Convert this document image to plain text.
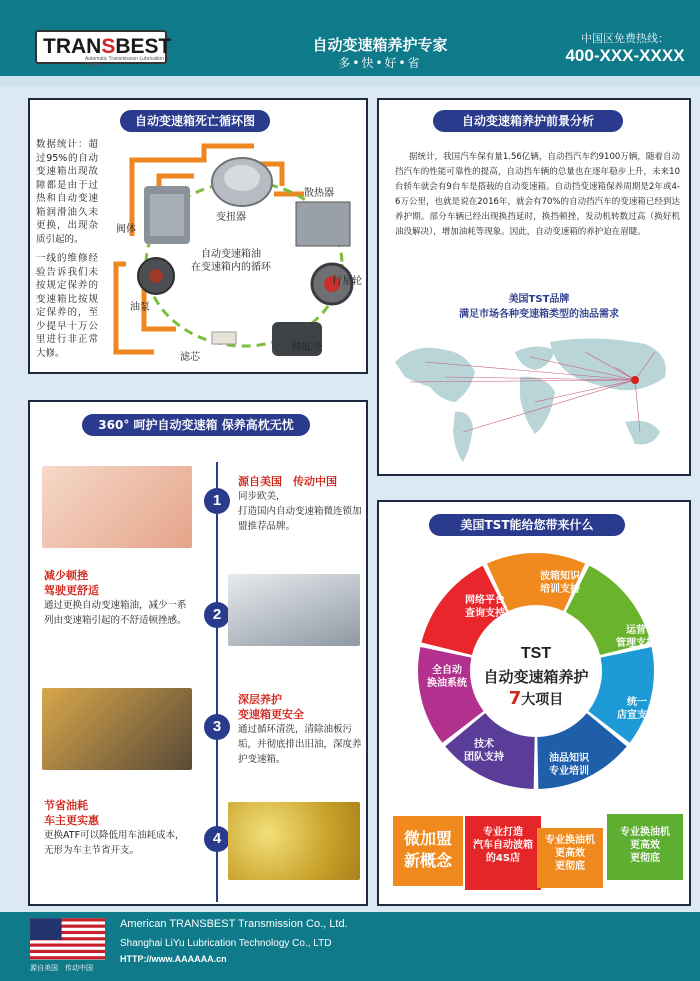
TRANSBEST
Automatic Transmission Lubrication Experts
自动变速箱养护专家
多•快•好•省
中国区免费热线：
400-XXX-XXXX
自动变速箱死亡循环图
数据统计：超过95%的自动变速箱出现故障都是由于过热和自动变速箱润滑油久未更换，出现杂质引起的。
一线的维修经验告诉我们未按规定保养的变速箱比按规定保养的，至少提早十万公里进行非正常大修。
阀体
变扭器
散热器
自动变速箱油
在变速箱内的循环
行星轮
油底壳
滤芯
油泵
自动变速箱养护前景分析
据统计，我国汽车保有量1.56亿辆，自动挡汽车约9100万辆，随着自动挡汽车的性能可靠性的提高，自动挡车辆的总量也在逐年稳步上升，未来10台轿车就会有9台车是搭载的自动变速箱。自动挡变速箱保养周期是2年或4-6万公里，也就是说在2016年，就会有70%的自动挡汽车的变速箱已经到达养护期。部分车辆已经出现换挡延时，换挡顿挫，发动机转数过高（换好机油没解决），增加油耗等现象。因此，自动变速箱的养护迫在眉睫。
美国TST品牌
满足市场各种变速箱类型的油品需求
360° 呵护自动变速箱 保养高枕无忧
1
源自美国　传动中国
同步欧美，
打造国内自动变速箱微连锁加盟推荐品牌。
减少顿挫
驾驶更舒适
通过更换自动变速箱油，减少一系列由变速箱引起的不舒适顿挫感。	2
3
深层养护
变速箱更安全
通过循环清洗，清除油板污垢，并彻底排出旧油，深度养护变速箱。
节省油耗
车主更实惠
更换ATF可以降低用车油耗成本，无形为车主节省开支。
4
美国TST能给您带来什么
TST
自动变速箱养护
7大项目
波箱知识
培训支持
运营
管理支持
统一
店宣支持
油品知识
专业培训
技术
团队支持
全自动
换油系统
网络平台
查询支持
微加盟
新概念
专业打造
汽车自动波箱
的4S店
专业换油机
更高效
更彻底
专业换油机
更高效
更彻底
源自美国　传动中国
American TRANSBEST Transmission Co., Ltd.
Shanghai LiYu Lubrication Technology Co., LTD
HTTP://www.AAAAAA.cn
